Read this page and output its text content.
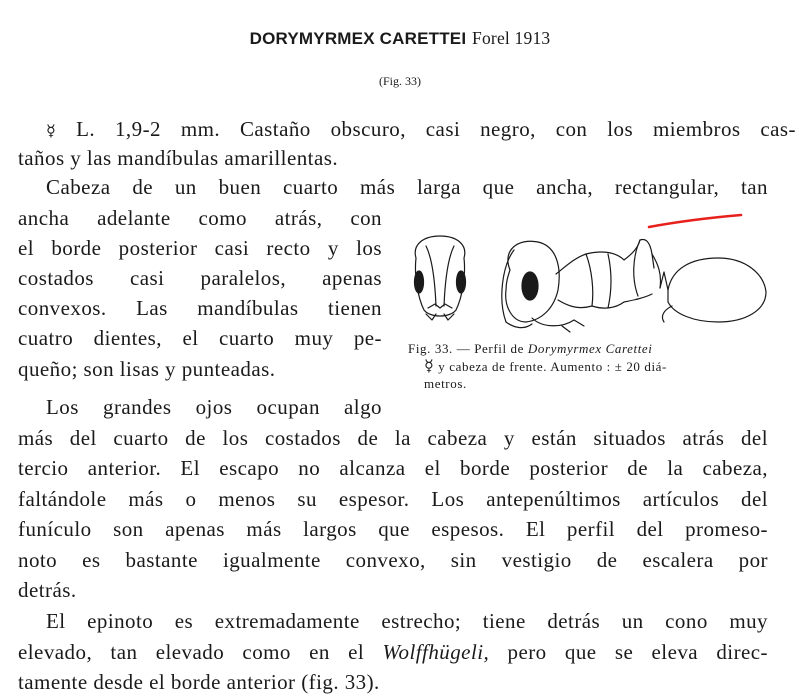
DORYMYRMEX CARETTEI Forel 1913
(Fig. 33)
☿ L. 1,9-2 mm. Castaño obscuro, casi negro, con los miembros cas-
taños y las mandíbulas amarillentas.
Cabeza de un buen cuarto más larga que ancha, rectangular, tan
ancha adelante como atrás, con
el borde posterior casi recto y los
costados casi paralelos, apenas
convexos. Las mandíbulas tienen
cuatro dientes, el cuarto muy pe-
queño; son lisas y punteadas.
Los grandes ojos ocupan algo
más del cuarto de los costados de la cabeza y están situados atrás del
tercio anterior. El escapo no alcanza el borde posterior de la cabeza,
faltándole más o menos su espesor. Los antepenúltimos artículos del
funículo son apenas más largos que espesos. El perfil del promeso-
noto es bastante igualmente convexo, sin vestigio de escalera por
detrás.
El epinoto es extremadamente estrecho; tiene detrás un cono muy
elevado, tan elevado como en el Wolffhügeli, pero que se eleva direc-
tamente desde el borde anterior (fig. 33).
Fig. 33. — Perfil de Dorymyrmex Carettei
☿ y cabeza de frente. Aumento : ± 20 diá-
metros.
